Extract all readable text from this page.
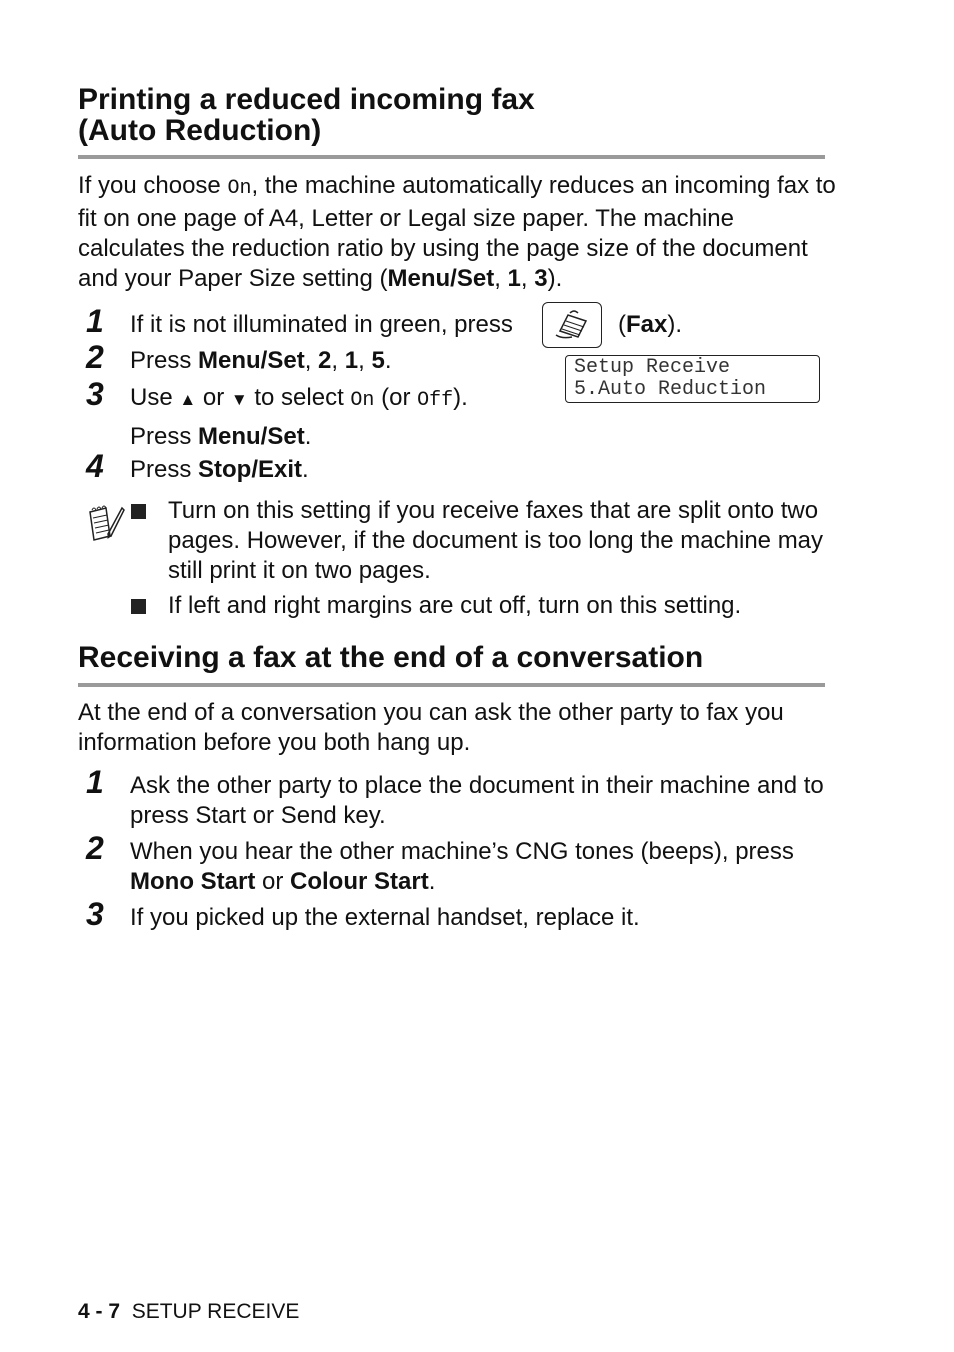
Printing a reduced incoming fax
(Auto Reduction)
If you choose On, the machine automatically reduces an incoming fax to fit on one page of A4, Letter or Legal size paper. The machine calculates the reduction ratio by using the page size of the document and your Paper Size setting (Menu/Set, 1, 3).
1 If it is not illuminated in green, press	(Fax).
2 Press Menu/Set, 2, 1, 5.	Setup Receive
5.Auto Reduction
3 Use ▲ or ▼ to select On (or Off).
Press Menu/Set.
4 Press Stop/Exit.
Turn on this setting if you receive faxes that are split onto two pages. However, if the document is too long the machine may still print it on two pages.
If left and right margins are cut off, turn on this setting.
Receiving a fax at the end of a conversation
At the end of a conversation you can ask the other party to fax you information before you both hang up.
1 Ask the other party to place the document in their machine and to press Start or Send key.
2 When you hear the other machine’s CNG tones (beeps), press
Mono Start or Colour Start.
3 If you picked up the external handset, replace it.
4 - 7 SETUP RECEIVE
